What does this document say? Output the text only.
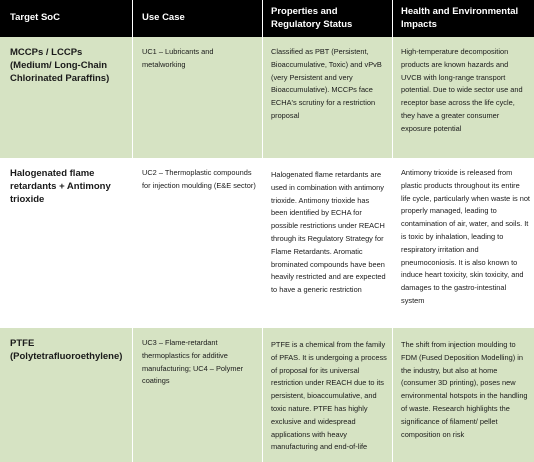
Target SoC	Use Case
Properties and Regulatory Status
Health and Environmental Impacts
MCCPs / LCCPs (Medium/ Long-Chain Chlorinated Paraffins)
UC1 – Lubricants and metalworking
Classified as PBT (Persistent, Bioaccumulative, Toxic) and vPvB (very Persistent and very Bioaccumulative). MCCPs face ECHA's scrutiny for a restriction proposal
High-temperature decomposition products are known hazards and UVCB with long-range transport potential. Due to wide sector use and receptor base across the life cycle, they have a greater consumer exposure potential
Halogenated flame retardants + Antimony trioxide
UC2 – Thermoplastic compounds for injection moulding (E&E sector)
Halogenated flame retardants are used in combination with antimony trioxide. Antimony trioxide has been identified by ECHA for possible restrictions under REACH through its Regulatory Strategy for Flame Retardants. Aromatic brominated compounds have been heavily restricted and are expected to have a generic restriction
Antimony trioxide is released from plastic products throughout its entire life cycle, particularly when waste is not properly managed, leading to contamination of air, water, and soils. It is toxic by inhalation, leading to respiratory irritation and pneumoconiosis. It is also known to induce heart toxicity, skin toxicity, and damages to the gastro-intestinal system
PTFE (Polytetrafluoroethylene)
UC3 – Flame-retardant thermoplastics for additive manufacturing; UC4 – Polymer coatings
PTFE is a chemical from the family of PFAS. It is undergoing a process of proposal for its universal restriction under REACH due to its persistent, bioaccumulative, and toxic nature. PTFE has highly exclusive and widespread applications with heavy manufacturing and end-of-life
The shift from injection moulding to FDM (Fused Deposition Modelling) in the industry, but also at home (consumer 3D printing), poses new environmental hotspots in the handling of waste. Research highlights the significance of filament/ pellet composition on risk
